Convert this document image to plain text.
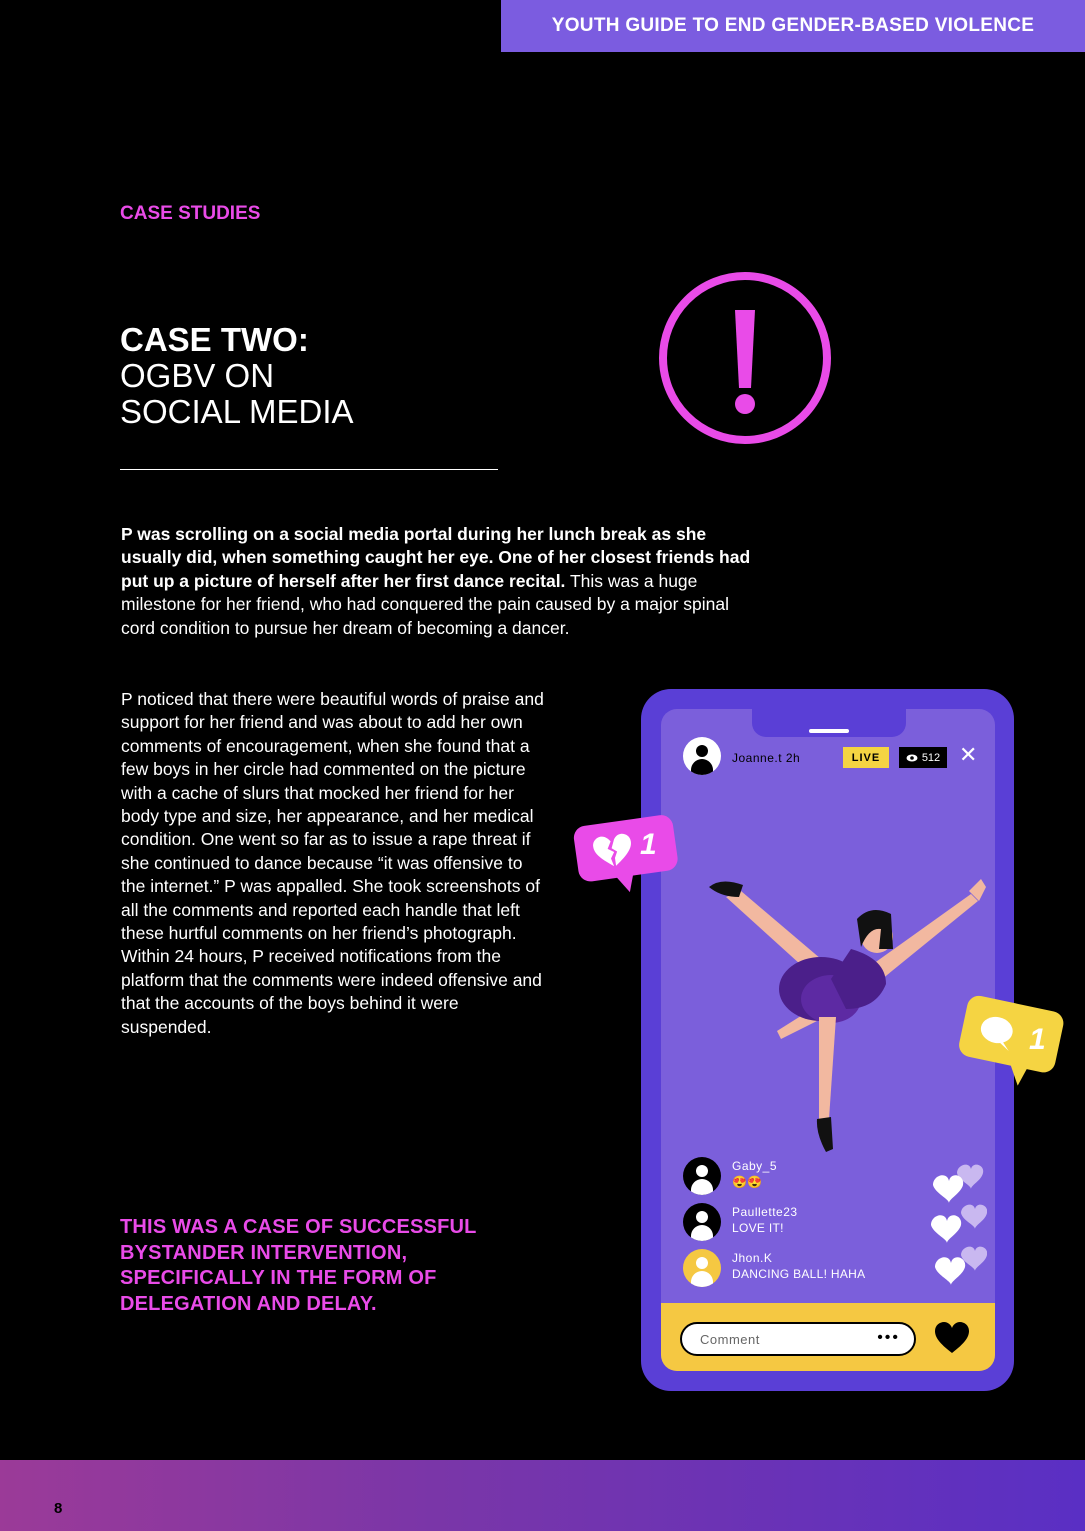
YOUTH GUIDE TO END GENDER-BASED VIOLENCE
CASE STUDIES
CASE TWO:
OGBV ON
SOCIAL MEDIA
P was scrolling on a social media portal during her lunch break as she usually did, when something caught her eye. One of her closest friends had put up a picture of herself after her first dance recital. This was a huge milestone for her friend, who had conquered the pain caused by a major spinal cord condition to pursue her dream of becoming a dancer.
P noticed that there were beautiful words of praise and support for her friend and was about to add her own comments of encouragement, when she found that a few boys in her circle had commented on the picture with a cache of slurs that mocked her friend for her body type and size, her appearance, and her medical condition. One went so far as to issue a rape threat if she continued to dance because “it was offensive to the internet.” P was appalled. She took screenshots of all the comments and reported each handle that left these hurtful comments on her friend’s photograph. Within 24 hours, P received notifications from the platform that the comments were indeed offensive and that the accounts of the boys behind it were suspended.
THIS WAS A CASE OF SUCCESSFUL BYSTANDER INTERVENTION, SPECIFICALLY IN THE FORM OF DELEGATION AND DELAY.
Joanne.t 2h	LIVE	512 ✕
Gaby_5
😍😍
Paullette23
LOVE IT!
Jhon.K
DANCING BALL! HAHA
Comment	•••
1
1
8
